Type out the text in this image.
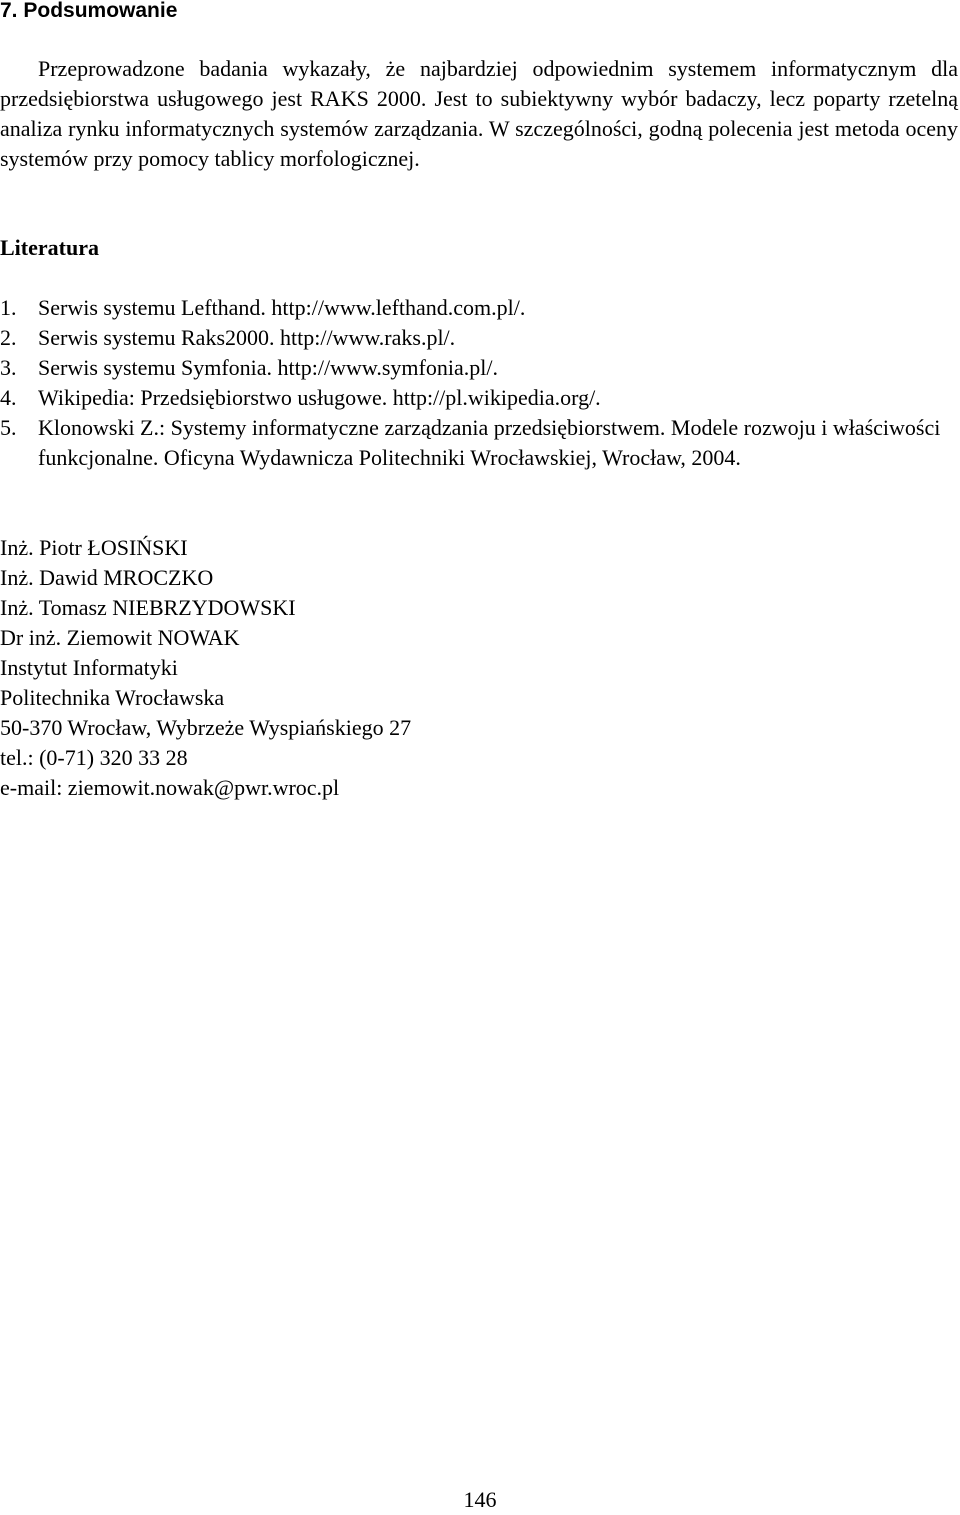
7. Podsumowanie

Przeprowadzone badania wykazały, że najbardziej odpowiednim systemem informatycznym dla przedsiębiorstwa usługowego jest RAKS 2000. Jest to subiektywny wybór badaczy, lecz poparty rzetelną analiza rynku informatycznych systemów zarządzania. W szczególności, godną polecenia jest metoda oceny systemów przy pomocy tablicy morfologicznej.

Literatura
1. Serwis systemu Lefthand. http://www.lefthand.com.pl/.
2. Serwis systemu Raks2000. http://www.raks.pl/.
3. Serwis systemu Symfonia. http://www.symfonia.pl/.
4. Wikipedia: Przedsiębiorstwo usługowe. http://pl.wikipedia.org/.
5. Klonowski Z.: Systemy informatyczne zarządzania przedsiębiorstwem. Modele rozwoju i właściwości funkcjonalne. Oficyna Wydawnicza Politechniki Wrocławskiej, Wrocław, 2004.
Inż. Piotr ŁOSIŃSKI
Inż. Dawid MROCZKO
Inż. Tomasz NIEBRZYDOWSKI
Dr inż. Ziemowit NOWAK
Instytut Informatyki
Politechnika Wrocławska
50-370 Wrocław, Wybrzeże Wyspiańskiego 27
tel.: (0-71) 320 33 28
e-mail: ziemowit.nowak@pwr.wroc.pl
146
